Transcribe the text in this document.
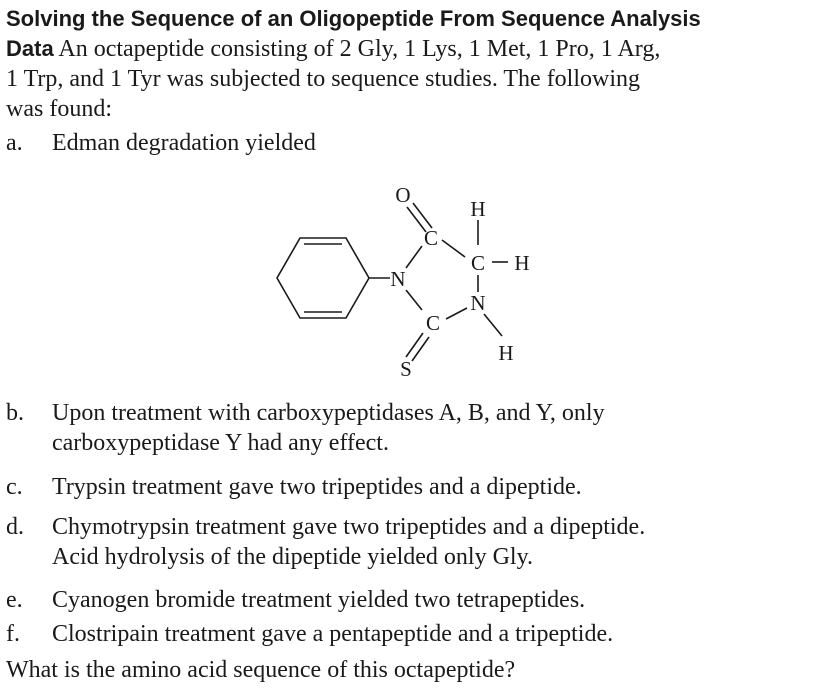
Solving the Sequence of an Oligopeptide From Sequence Analysis
Data An octapeptide consisting of 2 Gly, 1 Lys, 1 Met, 1 Pro, 1 Arg,
1 Trp, and 1 Tyr was subjected to sequence studies. The following
was found:
a. Edman degradation yielded
O
C
H
C H
N
N
C
H
S
b. Upon treatment with carboxypeptidases A, B, and Y, only
carboxypeptidase Y had any effect.
c. Trypsin treatment gave two tripeptides and a dipeptide.
d. Chymotrypsin treatment gave two tripeptides and a dipeptide.
Acid hydrolysis of the dipeptide yielded only Gly.
e. Cyanogen bromide treatment yielded two tetrapeptides.
f. Clostripain treatment gave a pentapeptide and a tripeptide.
What is the amino acid sequence of this octapeptide?
